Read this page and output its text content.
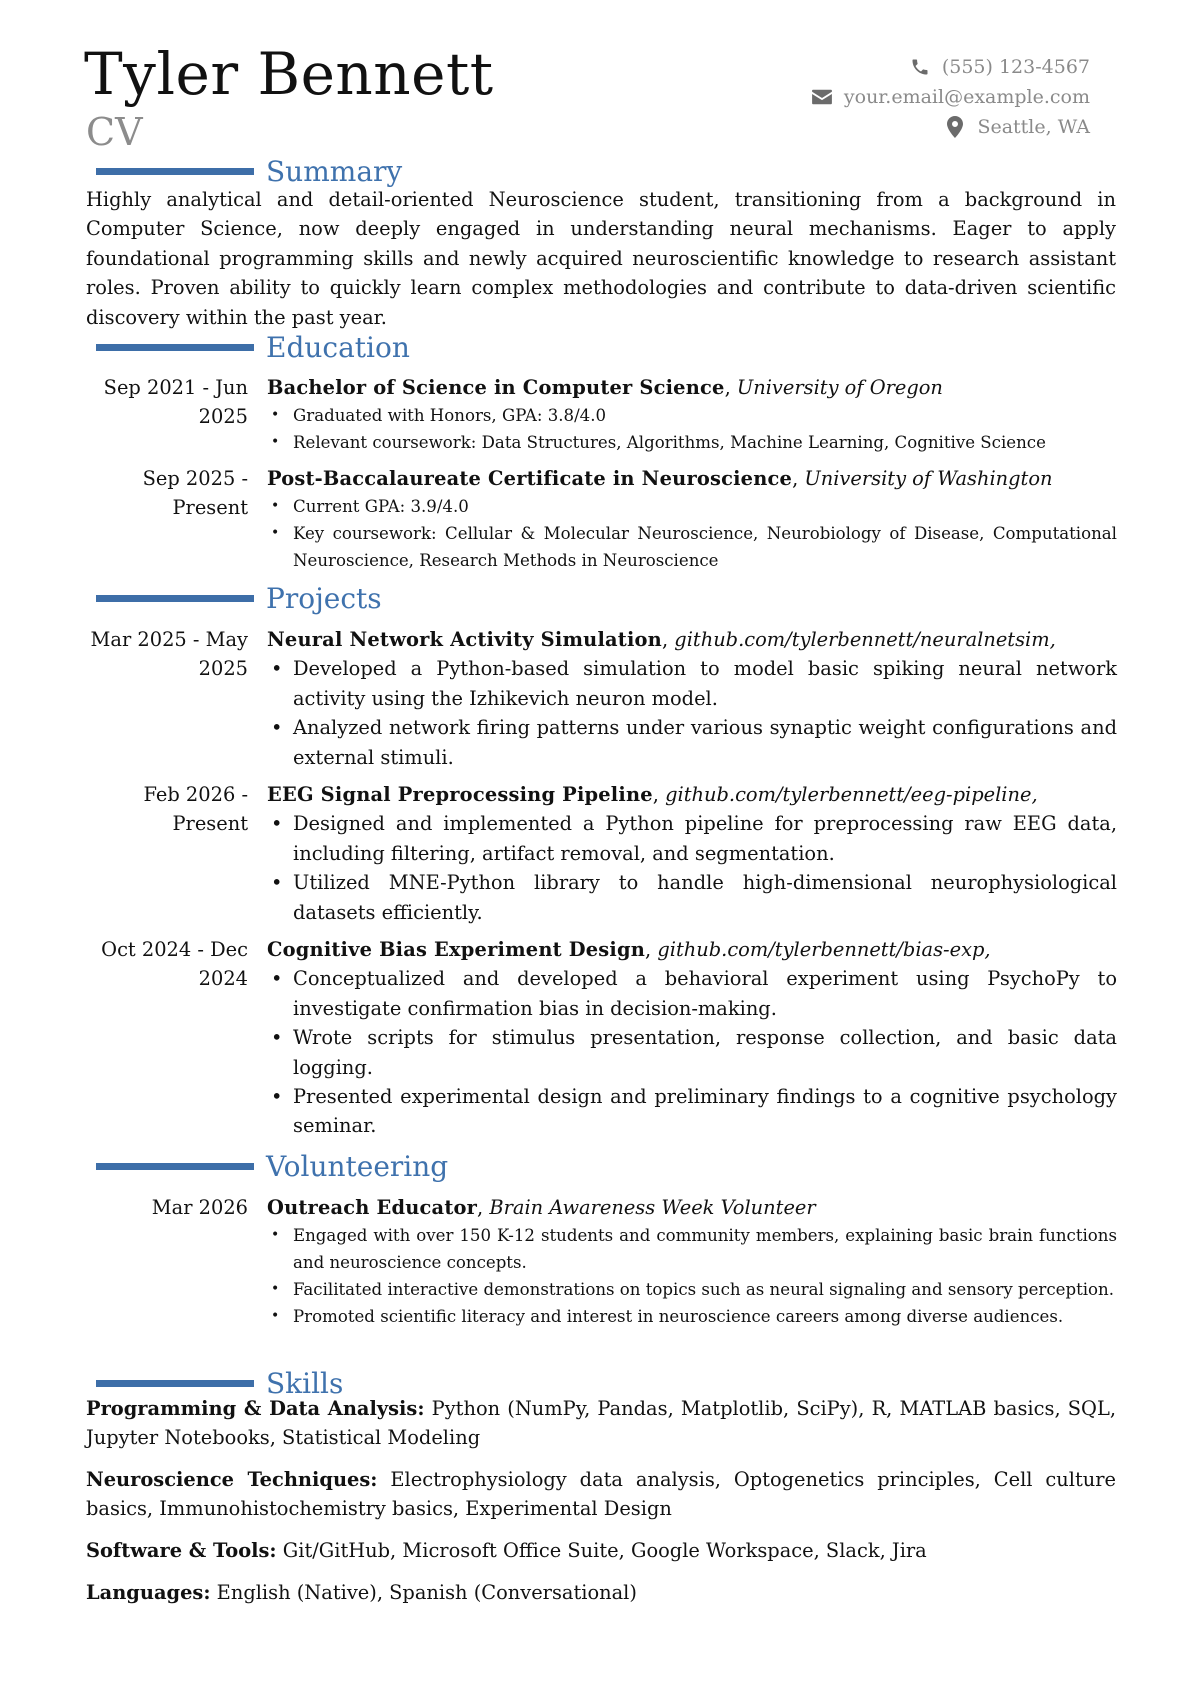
Tyler Bennett
CV
(555) 123-4567
your.email@example.com
Seattle, WA
Summary
Highly analytical and detail-oriented Neuroscience student, transitioning from a background in Computer Science, now deeply engaged in understanding neural mechanisms. Eager to apply foundational programming skills and newly acquired neuroscientific knowledge to research assistant roles. Proven ability to quickly learn complex methodologies and contribute to data-driven scientific discovery within the past year.
Education
Sep 2021 - Jun 2025
Bachelor of Science in Computer Science, University of Oregon
• Graduated with Honors, GPA: 3.8/4.0
• Relevant coursework: Data Structures, Algorithms, Machine Learning, Cognitive Science
Sep 2025 - Present
Post-Baccalaureate Certificate in Neuroscience, University of Washington
• Current GPA: 3.9/4.0
• Key coursework: Cellular & Molecular Neuroscience, Neurobiology of Disease, Computational Neuroscience, Research Methods in Neuroscience
Projects
Mar 2025 - May 2025
Neural Network Activity Simulation, github.com/tylerbennett/neuralnetsim,
• Developed a Python-based simulation to model basic spiking neural network activity using the Izhikevich neuron model.
• Analyzed network firing patterns under various synaptic weight configurations and external stimuli.
Feb 2026 - Present
EEG Signal Preprocessing Pipeline, github.com/tylerbennett/eeg-pipeline,
• Designed and implemented a Python pipeline for preprocessing raw EEG data, including filtering, artifact removal, and segmentation.
• Utilized MNE-Python library to handle high-dimensional neurophysiological datasets efficiently.
Oct 2024 - Dec 2024
Cognitive Bias Experiment Design, github.com/tylerbennett/bias-exp,
• Conceptualized and developed a behavioral experiment using PsychoPy to investigate confirmation bias in decision-making.
• Wrote scripts for stimulus presentation, response collection, and basic data logging.
• Presented experimental design and preliminary findings to a cognitive psychology seminar.
Volunteering
Mar 2026 Outreach Educator, Brain Awareness Week Volunteer
• Engaged with over 150 K-12 students and community members, explaining basic brain functions and neuroscience concepts.
• Facilitated interactive demonstrations on topics such as neural signaling and sensory perception.
• Promoted scientific literacy and interest in neuroscience careers among diverse audiences.
Skills
Programming & Data Analysis: Python (NumPy, Pandas, Matplotlib, SciPy), R, MATLAB basics, SQL, Jupyter Notebooks, Statistical Modeling
Neuroscience Techniques: Electrophysiology data analysis, Optogenetics principles, Cell culture basics, Immunohistochemistry basics, Experimental Design
Software & Tools: Git/GitHub, Microsoft Office Suite, Google Workspace, Slack, Jira
Languages: English (Native), Spanish (Conversational)
